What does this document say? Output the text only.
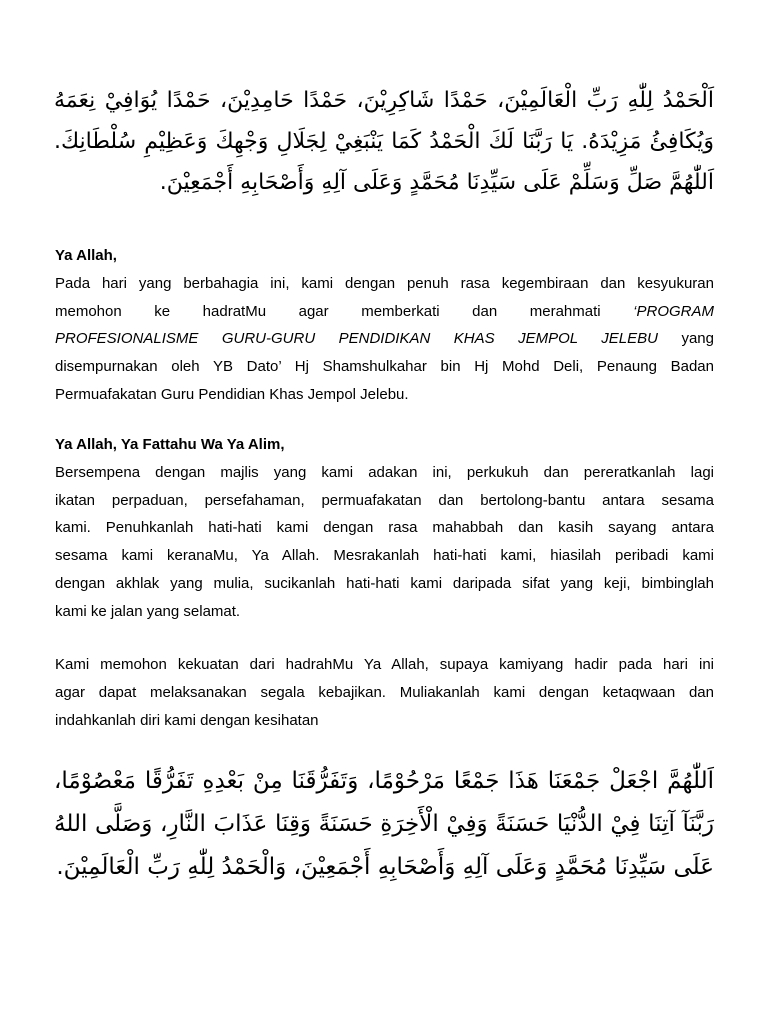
اَلْحَمْدُ لِلّٰهِ رَبِّ الْعَالَمِيْنَ، حَمْدًا شَاكِرِيْنَ، حَمْدًا حَامِدِيْنَ، حَمْدًا يُوَافِيْ نِعَمَهُ وَيُكَافِئُ مَزِيْدَهُ. يَا رَبَّنَا لَكَ الْحَمْدُ كَمَا يَنْبَغِيْ لِجَلَالِ وَجْهِكَ وَعَظِيْمِ سُلْطَانِكَ. اَللّٰهُمَّ صَلِّ وَسَلِّمْ عَلَى سَيِّدِنَا مُحَمَّدٍ وَعَلَى آلِهِ وَأَصْحَابِهِ أَجْمَعِيْنَ.
Ya Allah,
Pada hari yang berbahagia ini, kami dengan penuh rasa kegembiraan dan kesyukuran
memohon ke hadratMu agar memberkati dan merahmati ‘PROGRAM
PROFESIONALISME GURU-GURU PENDIDIKAN KHAS JEMPOL JELEBU yang
disempurnakan oleh YB Dato’ Hj Shamshulkahar bin Hj Mohd Deli, Penaung Badan
Permuafakatan Guru Pendidian Khas Jempol Jelebu.
Ya Allah, Ya Fattahu Wa Ya Alim,
Bersempena dengan majlis yang kami adakan ini, perkukuh dan pereratkanlah lagi
ikatan perpaduan, persefahaman, permuafakatan dan bertolong-bantu antara sesama
kami. Penuhkanlah hati-hati kami dengan rasa mahabbah dan kasih sayang antara
sesama kami keranaMu, Ya Allah. Mesrakanlah hati-hati kami, hiasilah peribadi kami
dengan akhlak yang mulia, sucikanlah hati-hati kami daripada sifat yang keji, bimbinglah
kami ke jalan yang selamat.
Kami memohon kekuatan dari hadrahMu Ya Allah, supaya kamiyang hadir pada hari ini
agar dapat melaksanakan segala kebajikan. Muliakanlah kami dengan ketaqwaan dan
indahkanlah diri kami dengan kesihatan
اَللّٰهُمَّ اجْعَلْ جَمْعَنَا هَذَا جَمْعًا مَرْحُوْمًا، وَتَفَرُّقَنَا مِنْ بَعْدِهِ تَفَرُّقًا مَعْصُوْمًا، رَبَّنَآ آتِنَا فِيْ الدُّنْيَا حَسَنَةً وَفِيْ الْأَخِرَةِ حَسَنَةً وَقِنَا عَذَابَ النَّارِ، وَصَلَّى اللهُ عَلَى سَيِّدِنَا مُحَمَّدٍ وَعَلَى آلِهِ وَأَصْحَابِهِ أَجْمَعِيْنَ، وَالْحَمْدُ لِلّٰهِ رَبِّ الْعَالَمِيْنَ.
